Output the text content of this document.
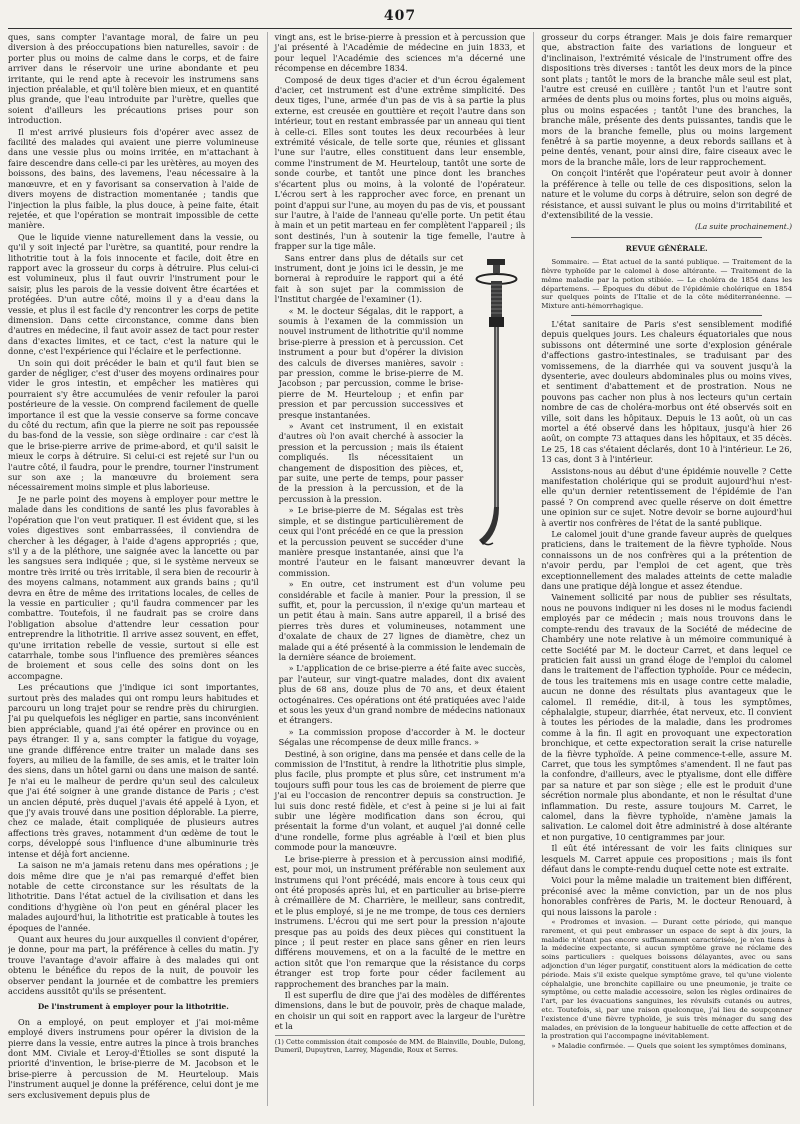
407

ques, sans compter l'avantage moral, de faire un peu diversion à des préoccupations bien naturelles, savoir : de porter plus ou moins de calme dans le corps, et de faire arriver dans le réservoir une urine abondante et peu irritante, qui le rend apte à recevoir les instrumens sans injection préalable, et qu'il tolère bien mieux, et en quantité plus grande, que l'eau introduite par l'urètre, quelles que soient d'ailleurs les précautions prises pour son introduction.

Il m'est arrivé plusieurs fois d'opérer avec assez de facilité des malades qui avaient une pierre volumineuse dans une vessie plus ou moins irritée, en m'attachant à faire descendre dans celle-ci par les urètères, au moyen des boissons, des bains, des lavemens, l'eau nécessaire à la manœuvre, et en y favorisant sa conservation à l'aide de divers moyens de distraction momentanée ; tandis que l'injection la plus faible, la plus douce, à peine faite, était rejetée, et que l'opération se montrait impossible de cette manière.

Que le liquide vienne naturellement dans la vessie, ou qu'il y soit injecté par l'urètre, sa quantité, pour rendre la lithotritie tout à la fois innocente et facile, doit être en rapport avec la grosseur du corps à détruire. Plus celui-ci est volumineux, plus il faut ouvrir l'instrument pour le saisir, plus les parois de la vessie doivent être écartées et protégées. D'un autre côté, moins il y a d'eau dans la vessie, et plus il est facile d'y rencontrer les corps de petite dimension. Dans cette circonstance, comme dans bien d'autres en médecine, il faut avoir assez de tact pour rester dans d'exactes limites, et ce tact, c'est la nature qui le donne, c'est l'expérience qui l'éclaire et le perfectionne.

Un soin qui doit précéder le bain et qu'il faut bien se garder de négliger, c'est d'user des moyens ordinaires pour vider le gros intestin, et empêcher les matières qui pourraient s'y être accumulées de venir refouler la paroi postérieure de la vessie. On comprend facilement de quelle importance il est que la vessie conserve sa forme concave du côté du rectum, afin que la pierre ne soit pas repoussée du bas-fond de la vessie, son siège ordinaire : car c'est là que le brise-pierre arrive de prime-abord, et qu'il saisit le mieux le corps à détruire. Si celui-ci est rejeté sur l'un ou l'autre côté, il faudra, pour le prendre, tourner l'instrument sur son axe ; la manœuvre du broiement sera nécessairement moins simple et plus laborieuse.

Je ne parle point des moyens à employer pour mettre le malade dans les conditions de santé les plus favorables à l'opération que l'on veut pratiquer. Il est évident que, si les voies digestives sont embarrassées, il conviendra de chercher à les dégager, à l'aide d'agens appropriés ; que, s'il y a de la pléthore, une saignée avec la lancette ou par les sangsues sera indiquée ; que, si le système nerveux se montre très irrité ou très irritable, il sera bien de recourir à des moyens calmans, notamment aux grands bains ; qu'il devra en être de même des irritations locales, de celles de la vessie en particulier ; qu'il faudra commencer par les combattre. Toutefois, il ne faudrait pas se croire dans l'obligation absolue d'attendre leur cessation pour entreprendre la lithotritie. Il arrive assez souvent, en effet, qu'une irritation rebelle de vessie, surtout si elle est catarrhale, tombe sous l'influence des premières séances de broiement et sous celle des soins dont on les accompagne.

Les précautions que j'indique ici sont importantes, surtout près des malades qui ont rompu leurs habitudes et parcouru un long trajet pour se rendre près du chirurgien. J'ai pu quelquefois les négliger en partie, sans inconvénient bien appréciable, quand j'ai été opérer en province ou en pays étranger. Il y a, sans compter la fatigue du voyage, une grande différence entre traiter un malade dans ses foyers, au milieu de la famille, de ses amis, et le traiter loin des siens, dans un hôtel garni ou dans une maison de santé. Je n'ai eu le malheur de perdre qu'un seul des calculeux que j'ai été soigner à une grande distance de Paris ; c'est un ancien député, près duquel j'avais été appelé à Lyon, et que j'y avais trouvé dans une position déplorable. La pierre, chez ce malade, était compliquée de plusieurs autres affections très graves, notamment d'un œdème de tout le corps, développé sous l'influence d'une albuminurie très intense et déjà fort ancienne.

La saison ne m'a jamais retenu dans mes opérations ; je dois même dire que je n'ai pas remarqué d'effet bien notable de cette circonstance sur les résultats de la lithotritie. Dans l'état actuel de la civilisation et dans les conditions d'hygiène où l'on peut en général placer les malades aujourd'hui, la lithotritie est praticable à toutes les époques de l'année.

Quant aux heures du jour auxquelles il convient d'opérer, je donne, pour ma part, la préférence à celles du matin. J'y trouve l'avantage d'avoir affaire à des malades qui ont obtenu le bénéfice du repos de la nuit, de pouvoir les observer pendant la journée et de combattre les premiers accidens aussitôt qu'ils se présentent.

De l'instrument à employer pour la lithotritie.

On a employé, on peut employer et j'ai moi-même employé divers instrumens pour opérer la division de la pierre dans la vessie, entre autres la pince à trois branches dont MM. Civiale et Leroy-d'Étiolles se sont disputé la priorité d'invention, le brise-pierre de M. Jacobson et le brise-pierre à percussion de M. Heurteloup. Mais l'instrument auquel je donne la préférence, celui dont je me sers exclusivement depuis plus de

vingt ans, est le brise-pierre à pression et à percussion que j'ai présenté à l'Académie de médecine en juin 1833, et pour lequel l'Académie des sciences m'a décerné une récompense en décembre 1834.

Composé de deux tiges d'acier et d'un écrou également d'acier, cet instrument est d'une extrême simplicité. Des deux tiges, l'une, armée d'un pas de vis à sa partie la plus externe, est creusée en gouttière et reçoit l'autre dans son intérieur, tout en restant embrassée par un anneau qui tient à celle-ci. Elles sont toutes les deux recourbées à leur extrémité vésicale, de telle sorte que, réunies et glissant l'une sur l'autre, elles constituent dans leur ensemble, comme l'instrument de M. Heurteloup, tantôt une sorte de sonde courbe, et tantôt une pince dont les branches s'écartent plus ou moins, à la volonté de l'opérateur. L'écrou sert à les rapprocher avec force, en prenant un point d'appui sur l'une, au moyen du pas de vis, et poussant sur l'autre, à l'aide de l'anneau qu'elle porte. Un petit étau à main et un petit marteau en fer complètent l'appareil ; ils sont destinés, l'un à soutenir la tige femelle, l'autre à frapper sur la tige mâle.

Sans entrer dans plus de détails sur cet instrument, dont je joins ici le dessin, je me bornerai à reproduire le rapport qui a été fait à son sujet par la commission de l'Institut chargée de l'examiner (1).

« M. le docteur Ségalas, dit le rapport, a soumis à l'examen de la commission un nouvel instrument de lithotritie qu'il nomme brise-pierre à pression et à percussion. Cet instrument a pour but d'opérer la division des calculs de diverses manières, savoir : par pression, comme le brise-pierre de M. Jacobson ; par percussion, comme le brise-pierre de M. Heurteloup ; et enfin par pression et par percussion successives et presque instantanées.

» Avant cet instrument, il en existait d'autres où l'on avait cherché à associer la pression et la percussion ; mais ils étaient compliqués. Ils nécessitaient un changement de disposition des pièces, et, par suite, une perte de temps, pour passer de la pression à la percussion, et de la percussion à la pression.

» Le brise-pierre de M. Ségalas est très simple, et se distingue particulièrement de ceux qui l'ont précédé en ce que la pression et la percussion peuvent se succéder d'une manière presque instantanée, ainsi que l'a montré l'auteur en le faisant manœuvrer devant la commission.

» En outre, cet instrument est d'un volume peu considérable et facile à manier. Pour la pression, il se suffit, et, pour la percussion, il n'exige qu'un marteau et un petit étau à main. Sans autre appareil, il a brisé des pierres très dures et volumineuses, notamment une d'oxalate de chaux de 27 lignes de diamètre, chez un malade qui a été présenté à la commission le lendemain de la dernière séance de broiement.

» L'application de ce brise-pierre a été faite avec succès, par l'auteur, sur vingt-quatre malades, dont dix avaient plus de 68 ans, douze plus de 70 ans, et deux étaient octogénaires. Ces opérations ont été pratiquées avec l'aide et sous les yeux d'un grand nombre de médecins nationaux et étrangers.

» La commission propose d'accorder à M. le docteur Ségalas une récompense de deux mille francs. »

Destiné, à son origine, dans ma pensée et dans celle de la commission de l'Institut, à rendre la lithotritie plus simple, plus facile, plus prompte et plus sûre, cet instrument m'a toujours suffi pour tous les cas de broiement de pierre que j'ai eu l'occasion de rencontrer depuis sa construction. Je lui suis donc resté fidèle, et c'est à peine si je lui ai fait subir une légère modification dans son écrou, qui présentait la forme d'un volant, et auquel j'ai donné celle d'une rondelle, forme plus agréable à l'œil et bien plus commode pour la manœuvre.

Le brise-pierre à pression et à percussion ainsi modifié, est, pour moi, un instrument préférable non seulement aux instrumens qui l'ont précédé, mais encore à tous ceux qui ont été proposés après lui, et en particulier au brise-pierre à crémaillère de M. Charrière, le meilleur, sans contredit, et le plus employé, si je ne me trompe, de tous ces derniers instrumens. L'écrou qui me sert pour la pression n'ajoute presque pas au poids des deux pièces qui constituent la pince ; il peut rester en place sans gêner en rien leurs différens mouvemens, et on a la faculté de le mettre en action sitôt que l'on remarque que la résistance du corps étranger est trop forte pour céder facilement au rapprochement des branches par la main.

Il est superflu de dire que j'ai des modèles de différentes dimensions, dans le but de pouvoir, près de chaque malade, en choisir un qui soit en rapport avec la largeur de l'urètre et la

(1) Cette commission était composée de MM. de Blainville, Double, Dulong, Dumeril, Dupuytren, Larrey, Magendie, Roux et Serres.

grosseur du corps étranger. Mais je dois faire remarquer que, abstraction faite des variations de longueur et d'inclinaison, l'extrémité vésicale de l'instrument offre des dispositions très diverses : tantôt les deux mors de la pince sont plats ; tantôt le mors de la branche mâle seul est plat, l'autre est creusé en cuillère ; tantôt l'un et l'autre sont armées de dents plus ou moins fortes, plus ou moins aiguës, plus ou moins espacées ; tantôt l'une des branches, la branche mâle, présente des dents puissantes, tandis que le mors de la branche femelle, plus ou moins largement fenêtré à sa partie moyenne, a deux rebords saillans et à peine dentés, venant, pour ainsi dire, faire ciseaux avec le mors de la branche mâle, lors de leur rapprochement.

On conçoit l'intérêt que l'opérateur peut avoir à donner la préférence à telle ou telle de ces dispositions, selon la nature et le volume du corps à détruire, selon son degré de résistance, et aussi suivant le plus ou moins d'irritabilité et d'extensibilité de la vessie.

(La suite prochainement.)

REVUE GÉNÉRALE.

Sommaire. — État actuel de la santé publique. — Traitement de la fièvre typhoïde par le calomel à dose altérante. — Traitement de la même maladie par la potion stibiée. — Le choléra de 1854 dans les départemens. — Époques du début de l'épidémie cholérique en 1854 sur quelques points de l'Italie et de la côte méditerranéenne. — Mixture anti-hémorrhagique.

L'état sanitaire de Paris s'est sensiblement modifié depuis quelques jours. Les chaleurs équatoriales que nous subissons ont déterminé une sorte d'explosion générale d'affections gastro-intestinales, se traduisant par des vomissemens, de la diarrhée qui va souvent jusqu'à la dysenterie, avec douleurs abdominales plus ou moins vives, et sentiment d'abattement et de prostration. Nous ne pouvons pas cacher non plus à nos lecteurs qu'un certain nombre de cas de choléra-morbus ont été observés soit en ville, soit dans les hôpitaux. Depuis le 13 août, où un cas mortel a été observé dans les hôpitaux, jusqu'à hier 26 août, on compte 73 attaques dans les hôpitaux, et 35 décès. Le 25, 18 cas s'étaient déclarés, dont 10 à l'intérieur. Le 26, 13 cas, dont 3 à l'intérieur.

Assistons-nous au début d'une épidémie nouvelle ? Cette manifestation cholérique qui se produit aujourd'hui n'est-elle qu'un dernier retentissement de l'épidémie de l'an passé ? On comprend avec quelle réserve on doit émettre une opinion sur ce sujet. Notre devoir se borne aujourd'hui à avertir nos confrères de l'état de la santé publique.

Le calomel jouit d'une grande faveur auprès de quelques praticiens, dans le traitement de la fièvre typhoïde. Nous connaissons un de nos confrères qui a la prétention de n'avoir perdu, par l'emploi de cet agent, que très exceptionnellement des malades atteints de cette maladie dans une pratique déjà longue et assez étendue.

Vainement sollicité par nous de publier ses résultats, nous ne pouvons indiquer ni les doses ni le modus faciendi employés par ce médecin ; mais nous trouvons dans le compte-rendu des travaux de la Société de médecine de Chambéry une note relative à un mémoire communiqué à cette Société par M. le docteur Carret, et dans lequel ce praticien fait aussi un grand éloge de l'emploi du calomel dans le traitement de l'affection typhoïde. Pour ce médecin, de tous les traitemens mis en usage contre cette maladie, aucun ne donne des résultats plus avantageux que le calomel. Il remédie, dit-il, à tous les symptômes, céphalalgie, stupeur, diarrhée, état nerveux, etc. Il convient à toutes les périodes de la maladie, dans les prodromes comme à la fin. Il agit en provoquant une expectoration bronchique, et cette expectoration serait la crise naturelle de la fièvre typhoïde. A peine commence-t-elle, assure M. Carret, que tous les symptômes s'amendent. Il ne faut pas la confondre, d'ailleurs, avec le ptyalisme, dont elle diffère par sa nature et par son siège ; elle est le produit d'une sécrétion normale plus abondante, et non le résultat d'une inflammation. Du reste, assure toujours M. Carret, le calomel, dans la fièvre typhoïde, n'amène jamais la salivation. Le calomel doit être administré à dose altérante et non purgative, 10 centigrammes par jour.

Il eût été intéressant de voir les faits cliniques sur lesquels M. Carret appuie ces propositions ; mais ils font défaut dans le compte-rendu duquel cette note est extraite.

Voici pour la même maladie un traitement bien différent, préconisé avec la même conviction, par un de nos plus honorables confrères de Paris, M. le docteur Renouard, à qui nous laissons la parole :

« Prodromes et invasion. — Durant cette période, qui manque rarement, et qui peut embrasser un espace de sept à dix jours, la maladie n'étant pas encore suffisamment caractérisée, je n'en tiens à la médecine expectante, si aucun symptôme grave ne réclame des soins particuliers : quelques boissons délayantes, avec ou sans adjonction d'un léger purgatif, constituent alors la médication de cette période. Mais s'il existe quelque symptôme grave, tel qu'une violente céphalalgie, une bronchite capillaire ou une pneumonie, je traite ce symptôme, ou cette maladie accessoire, selon les règles ordinaires de l'art, par les évacuations sanguines, les révulsifs cutanés ou autres, etc. Toutefois, si, par une raison quelconque, j'ai lieu de soupçonner l'existence d'une fièvre typhoïde, je suis très ménager du sang des malades, en prévision de la longueur habituelle de cette affection et de la prostration qui l'accompagne inévitablement.

» Maladie confirmée. — Quels que soient les symptômes dominans,
